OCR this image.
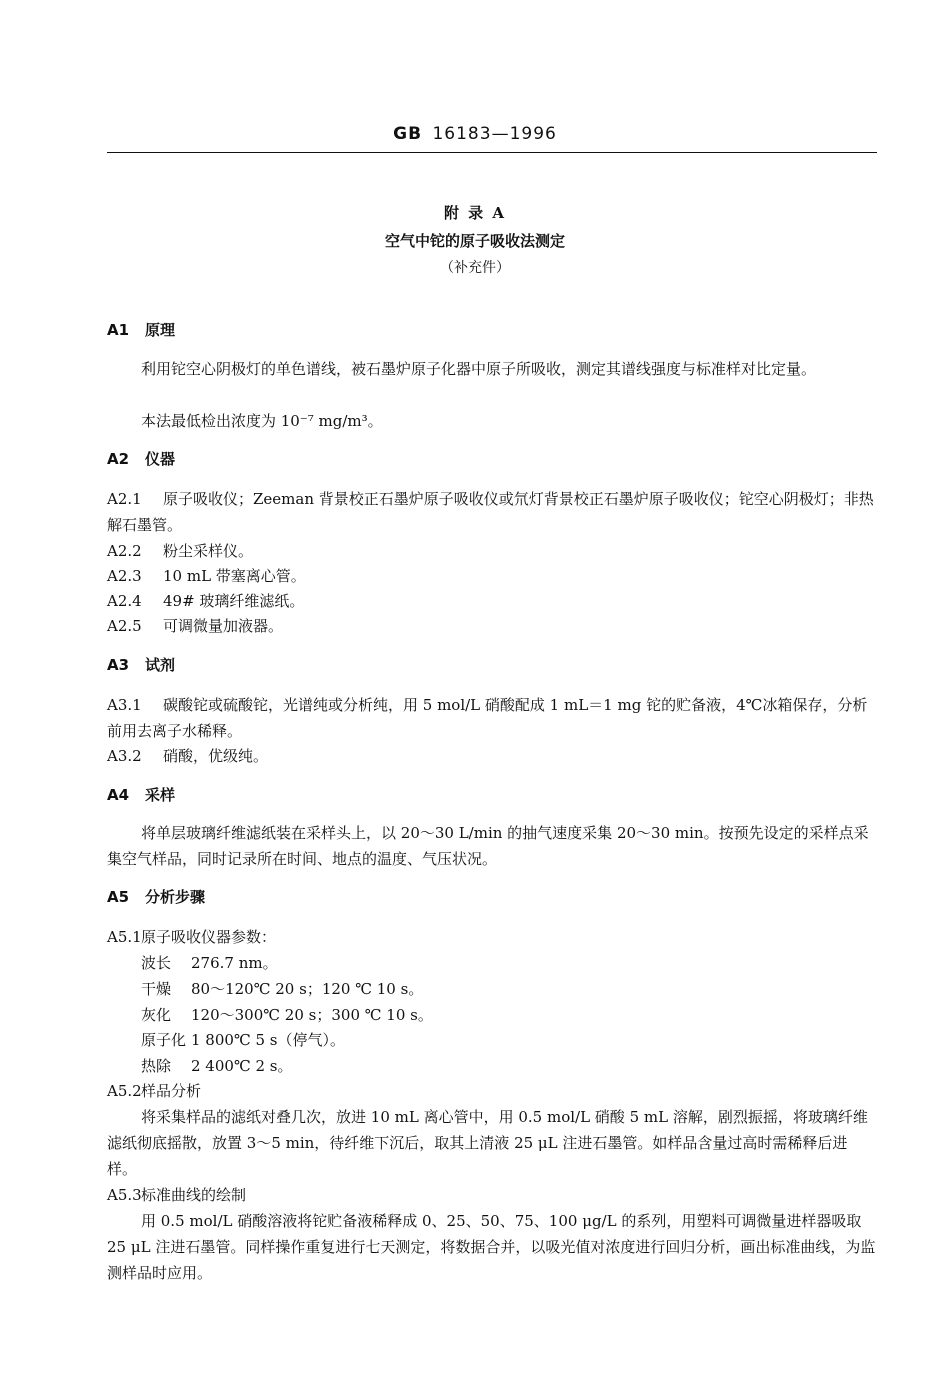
GB 16183—1996
附 录 A
空气中铊的原子吸收法测定
（补充件）
A1 原理
利用铊空心阴极灯的单色谱线，被石墨炉原子化器中原子所吸收，测定其谱线强度与标准样对比定量。
本法最低检出浓度为 10⁻⁷ mg/m³。
A2 仪器
A2.1 原子吸收仪；Zeeman 背景校正石墨炉原子吸收仪或氘灯背景校正石墨炉原子吸收仪；铊空心阴极灯；非热解石墨管。
A2.2 粉尘采样仪。
A2.3 10 mL 带塞离心管。
A2.4 49# 玻璃纤维滤纸。
A2.5 可调微量加液器。
A3 试剂
A3.1 碳酸铊或硫酸铊，光谱纯或分析纯，用 5 mol/L 硝酸配成 1 mL＝1 mg 铊的贮备液，4℃冰箱保存，分析前用去离子水稀释。
A3.2 硝酸，优级纯。
A4 采样
将单层玻璃纤维滤纸装在采样头上，以 20～30 L/min 的抽气速度采集 20～30 min。按预先设定的采样点采集空气样品，同时记录所在时间、地点的温度、气压状况。
A5 分析步骤
A5.1原子吸收仪器参数：
波长 276.7 nm。
干燥 80～120℃ 20 s；120 ℃ 10 s。
灰化 120～300℃ 20 s；300 ℃ 10 s。
原子化 1 800℃ 5 s（停气）。
热除 2 400℃ 2 s。
A5.2样品分析
将采集样品的滤纸对叠几次，放进 10 mL 离心管中，用 0.5 mol/L 硝酸 5 mL 溶解，剧烈振摇，将玻璃纤维滤纸彻底摇散，放置 3～5 min，待纤维下沉后，取其上清液 25 μL 注进石墨管。如样品含量过高时需稀释后进样。
A5.3标准曲线的绘制
用 0.5 mol/L 硝酸溶液将铊贮备液稀释成 0、25、50、75、100 μg/L 的系列，用塑料可调微量进样器吸取 25 μL 注进石墨管。同样操作重复进行七天测定，将数据合并，以吸光值对浓度进行回归分析，画出标准曲线，为监测样品时应用。
